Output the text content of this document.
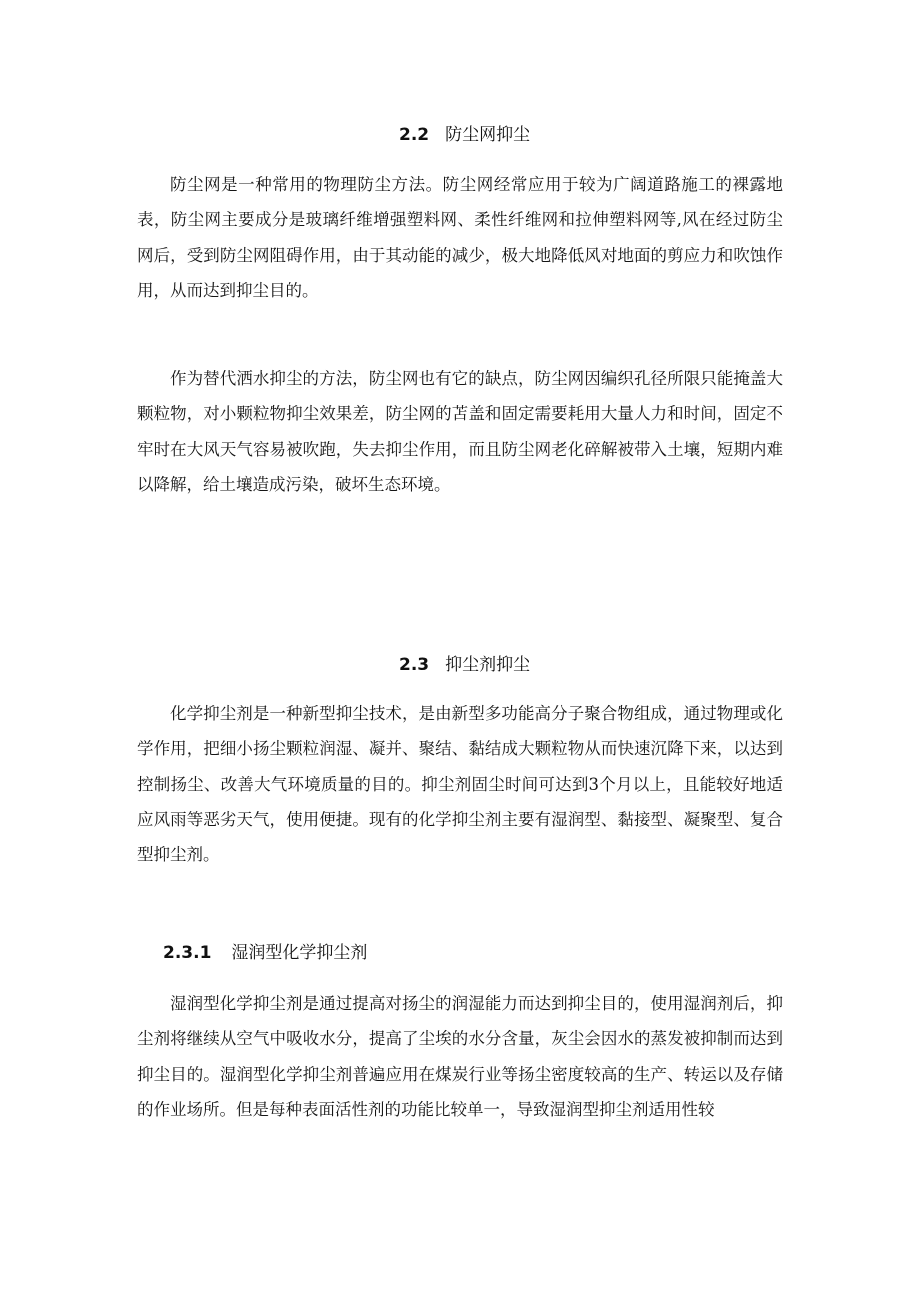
2.2 防尘网抑尘

防尘网是一种常用的物理防尘方法。防尘网经常应用于较为广阔道路施工的裸露地表，防尘网主要成分是玻璃纤维增强塑料网、柔性纤维网和拉伸塑料网等,风在经过防尘网后，受到防尘网阻碍作用，由于其动能的减少，极大地降低风对地面的剪应力和吹蚀作用，从而达到抑尘目的。

作为替代洒水抑尘的方法，防尘网也有它的缺点，防尘网因编织孔径所限只能掩盖大颗粒物，对小颗粒物抑尘效果差，防尘网的苫盖和固定需要耗用大量人力和时间，固定不牢时在大风天气容易被吹跑，失去抑尘作用，而且防尘网老化碎解被带入土壤，短期内难以降解，给土壤造成污染，破坏生态环境。

2.3 抑尘剂抑尘

化学抑尘剂是一种新型抑尘技术，是由新型多功能高分子聚合物组成，通过物理或化学作用，把细小扬尘颗粒润湿、凝并、聚结、黏结成大颗粒物从而快速沉降下来，以达到控制扬尘、改善大气环境质量的目的。抑尘剂固尘时间可达到3个月以上，且能较好地适应风雨等恶劣天气，使用便捷。现有的化学抑尘剂主要有湿润型、黏接型、凝聚型、复合型抑尘剂。

2.3.1 湿润型化学抑尘剂

湿润型化学抑尘剂是通过提高对扬尘的润湿能力而达到抑尘目的，使用湿润剂后，抑尘剂将继续从空气中吸收水分，提高了尘埃的水分含量，灰尘会因水的蒸发被抑制而达到抑尘目的。湿润型化学抑尘剂普遍应用在煤炭行业等扬尘密度较高的生产、转运以及存储的作业场所。但是每种表面活性剂的功能比较单一，导致湿润型抑尘剂适用性较
